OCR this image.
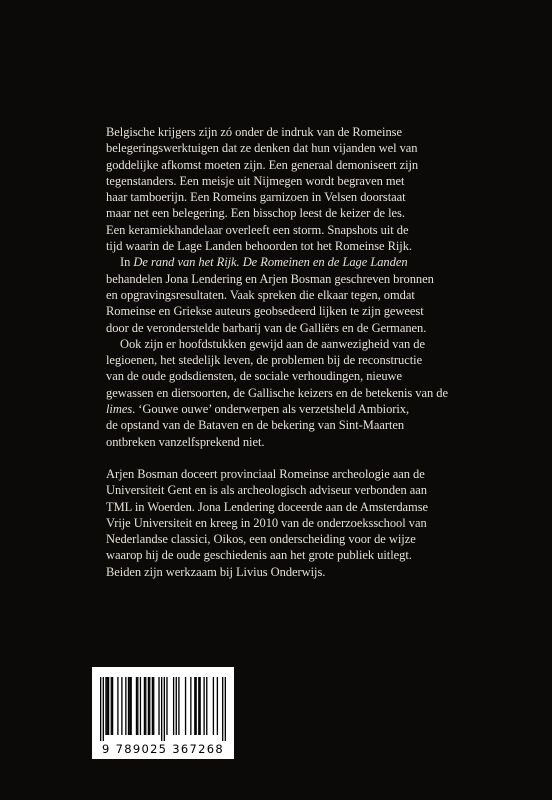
Belgische krijgers zijn zó onder de indruk van de Romeinse
belegeringswerktuigen dat ze denken dat hun vijanden wel van
goddelijke afkomst moeten zijn. Een generaal demoniseert zijn
tegenstanders. Een meisje uit Nijmegen wordt begraven met
haar tamboerijn. Een Romeins garnizoen in Velsen doorstaat
maar net een belegering. Een bisschop leest de keizer de les.
Een keramiekhandelaar overleeft een storm. Snapshots uit de
tijd waarin de Lage Landen behoorden tot het Romeinse Rijk.

In De rand van het Rijk. De Romeinen en de Lage Landen
behandelen Jona Lendering en Arjen Bosman geschreven bronnen
en opgravingsresultaten. Vaak spreken die elkaar tegen, omdat
Romeinse en Griekse auteurs geobsedeerd lijken te zijn geweest
door de veronderstelde barbarij van de Galliërs en de Germanen.

Ook zijn er hoofdstukken gewijd aan de aanwezigheid van de
legioenen, het stedelijk leven, de problemen bij de reconstructie
van de oude godsdiensten, de sociale verhoudingen, nieuwe
gewassen en diersoorten, de Gallische keizers en de betekenis van de
limes. ‘Gouwe ouwe’ onderwerpen als verzetsheld Ambiorix,
de opstand van de Bataven en de bekering van Sint-Maarten
ontbreken vanzelfsprekend niet.

Arjen Bosman doceert provinciaal Romeinse archeologie aan de
Universiteit Gent en is als archeologisch adviseur verbonden aan
TML in Woerden. Jona Lendering doceerde aan de Amsterdamse
Vrije Universiteit en kreeg in 2010 van de onderzoeksschool van
Nederlandse classici, Oikos, een onderscheiding voor de wijze
waarop hij de oude geschiedenis aan het grote publiek uitlegt.
Beiden zijn werkzaam bij Livius Onderwijs.

9 789025 367268
